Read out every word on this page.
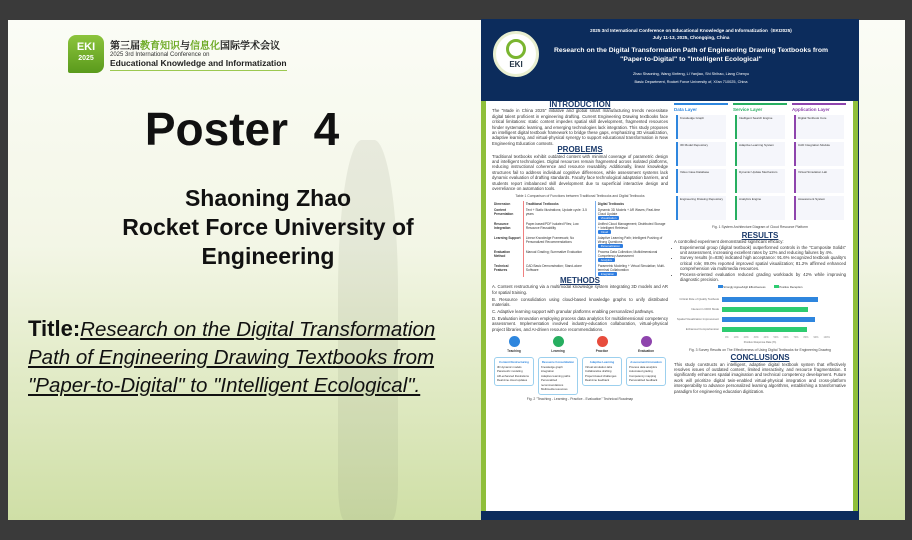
EKI
2025
第三届教育知识与信息化国际学术会议
2025 3rd International Conference on
Educational Knowledge and Informatization
Poster  4
Shaoning Zhao
Rocket Force University of Engineering
Title:Research on the Digital Transformation Path of Engineering Drawing Textbooks from "Paper-to-Digital" to "Intelligent Ecological".
EKI
2025 3rd International Conference on Educational Knowledge and Informatization（EKI2025)
July 11-13, 2025, Chongqing, China
Research on the Digital Transformation Path of Engineering Drawing Textbooks from "Paper-to-Digital" to "Intelligent Ecological"
Zhao Shaoning, Wang Xinfeng, Li Yanjiao, Shi Shihao, Liang Chenyu
Basic Department, Rocket Force University of, Xi'an 710025, China
INTRODUCTION

The "Made in China 2025" initiative and global smart manufacturing trends necessitate digital talent proficient in engineering drafting. Current Engineering Drawing textbooks face critical limitations: static content impedes spatial skill development, fragmented resources hinder systematic learning, and emerging technologies lack integration. This study proposes an intelligent digital textbook framework to bridge these gaps, emphasizing 3D visualization, adaptive learning, and virtual-physical synergy to support educational transformation in New Engineering Education contexts.

PROBLEMS

Traditional textbooks exhibit outdated content with minimal coverage of parametric design and intelligent technologies. Digital resources remain fragmented across isolated platforms, reducing instructional coherence and resource reusability. Additionally, linear knowledge structures fail to address individual cognitive differences, while assessment systems lack dynamic evaluation of drafting standards. Faculty face technological adaptation barriers, and students report imbalanced skill development due to superficial interactive design and overreliance on automation tools.

Table 1 Comparison of Functions between Traditional Textbooks and Digital Textbooks
Dimension	Traditional Textbooks	Digital Textbooks
Content Presentation	Text + Static Illustrations; Update cycle: 3-5 years	Dynamic 3D Models + AR Waves; Real-time Cloud Update
Visualization
Resource Integration	Paper-based/PDF Isolated Files; Low Resource Reusability	Unified Cloud Management; Distributed Storage + Intelligent Retrieval
Cloud
Learning Support	Linear Knowledge Framework; No Personalized Recommendations	Adaptive Learning Path; Intelligent Pushing of Wrong Questions
Personalization
Evaluation Method	Manual Grading; Summative Evaluation	Process Data Collection; Multidimensional Competency Assessment
Analytics
Technical Features	CAD Basic Demonstration; Stand-alone Software	Parametric Modeling + Virtual Simulation; Multi-terminal Collaboration
Integration
METHODS

A. Content restructuring via a multimodal knowledge system integrating 3D models and AR for spatial training.

B. Resource consolidation using cloud-based knowledge graphs to unify distributed materials.

C. Adaptive learning support with granular platforms enabling personalized pathways.

D. Evaluation innovation employing process data analytics for multidimensional competency assessment. Implementation involved industry-education collaboration, virtual-physical project libraries, and AI-driven resource recommendations.

Teaching
Content Restructuring
3D dynamic models
Parametric modeling
AR-enhanced illustrations
Real-time cloud updates
Learning
Resource Consolidation
Knowledge graph integration
Adaptive learning paths
Personalized recommendations
Multimedia resources
Practice
Adaptive Learning
Virtual simulation labs
Collaborative drafting
Project-based challenges
Real-time feedback
Evaluation
Assessment Innovation
Process data analytics
Automated grading
Competency mapping
Personalized feedback
Fig. 2 "Teaching - Learning - Practice - Evaluation" Technical Roadmap
Data Layer
Knowledge Graph
3D Model Repository
Video Case Database
Engineering Drawing Repository
Service Layer
Intelligent Search Engine
Adaptive Learning System
Dynamic Update Mechanism
Analytics Engine
Application Layer
Digital Textbook Core
CAD Integration Module
Virtual Simulation Lab
Assessment System
Fig. 1 System Architecture Diagram of Cloud Resource Platform
RESULTS

A controlled experiment demonstrated significant efficacy:

• Experimental group (digital textbook) outperformed controls in the "Composite Solids" unit assessment, increasing excellent rates by 12% and reducing failures by 4%.
• Survey results (n=836) indicated high acceptance: 91.6% recognized textbook quality's critical role; 89.0% reported improved spatial visualization; 81.2% affirmed enhanced comprehension via multimedia resources.
• Process-oriented evaluation reduced grading workloads by 42% while improving diagnostic precision.
Strongly Agree/High Effectiveness	Positive Reception
Critical Role of Quality Textbook
Interest in CDIO Mode
Spatial Visualization Improvement
Enhanced Comprehension
0% 10% 20% 30% 40% 50% 60% 70% 80% 90% 100%
Positive Response Rate (%)
Fig. 3 Survey Results on The Effectiveness of Using Digital Textbooks for Engineering Drawing
CONCLUSIONS

This study constructs an intelligent, adaptive digital textbook system that effectively resolves issues of outdated content, limited interactivity, and resource fragmentation. It significantly enhances spatial imagination and technical competency development. Future work will prioritize digital twin-enabled virtual-physical integration and cross-platform interoperability to advance personalized learning algorithms, establishing a transformative paradigm for engineering education digitization.
